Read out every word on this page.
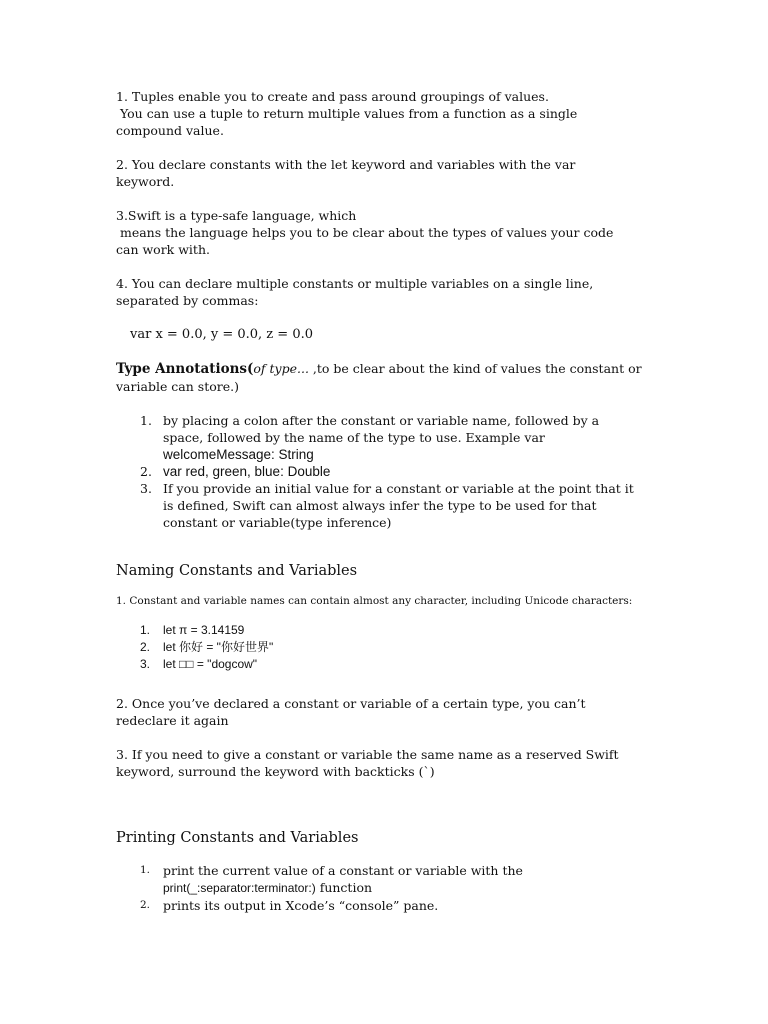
1. Tuples enable you to create and pass around groupings of values.

You can use a tuple to return multiple values from a function as a single

compound value.

2. You declare constants with the let keyword and variables with the var

keyword.

3.Swift is a type-safe language, which

means the language helps you to be clear about the types of values your code

can work with.

4. You can declare multiple constants or multiple variables on a single line,

separated by commas:

var x = 0.0, y = 0.0, z = 0.0

Type Annotations(of type... ,to be clear about the kind of values the constant or

variable can store.)

1. by placing a colon after the constant or variable name, followed by a
space, followed by the name of the type to use. Example var
welcomeMessage: String
2. var red, green, blue: Double
3. If you provide an initial value for a constant or variable at the point that it
is defined, Swift can almost always infer the type to be used for that
constant or variable(type inference)

Naming Constants and Variables

1. Constant and variable names can contain almost any character, including Unicode characters:

1.	let π = 3.14159
2.	let 你好 = "你好世界"
3.	let □□ = "dogcow"

2. Once you’ve declared a constant or variable of a certain type, you can’t

redeclare it again

3. If you need to give a constant or variable the same name as a reserved Swift

keyword, surround the keyword with backticks (`)

Printing Constants and Variables

1.	print the current value of a constant or variable with the
print(_:separator:terminator:) function
2.	prints its output in Xcode’s “console” pane.
